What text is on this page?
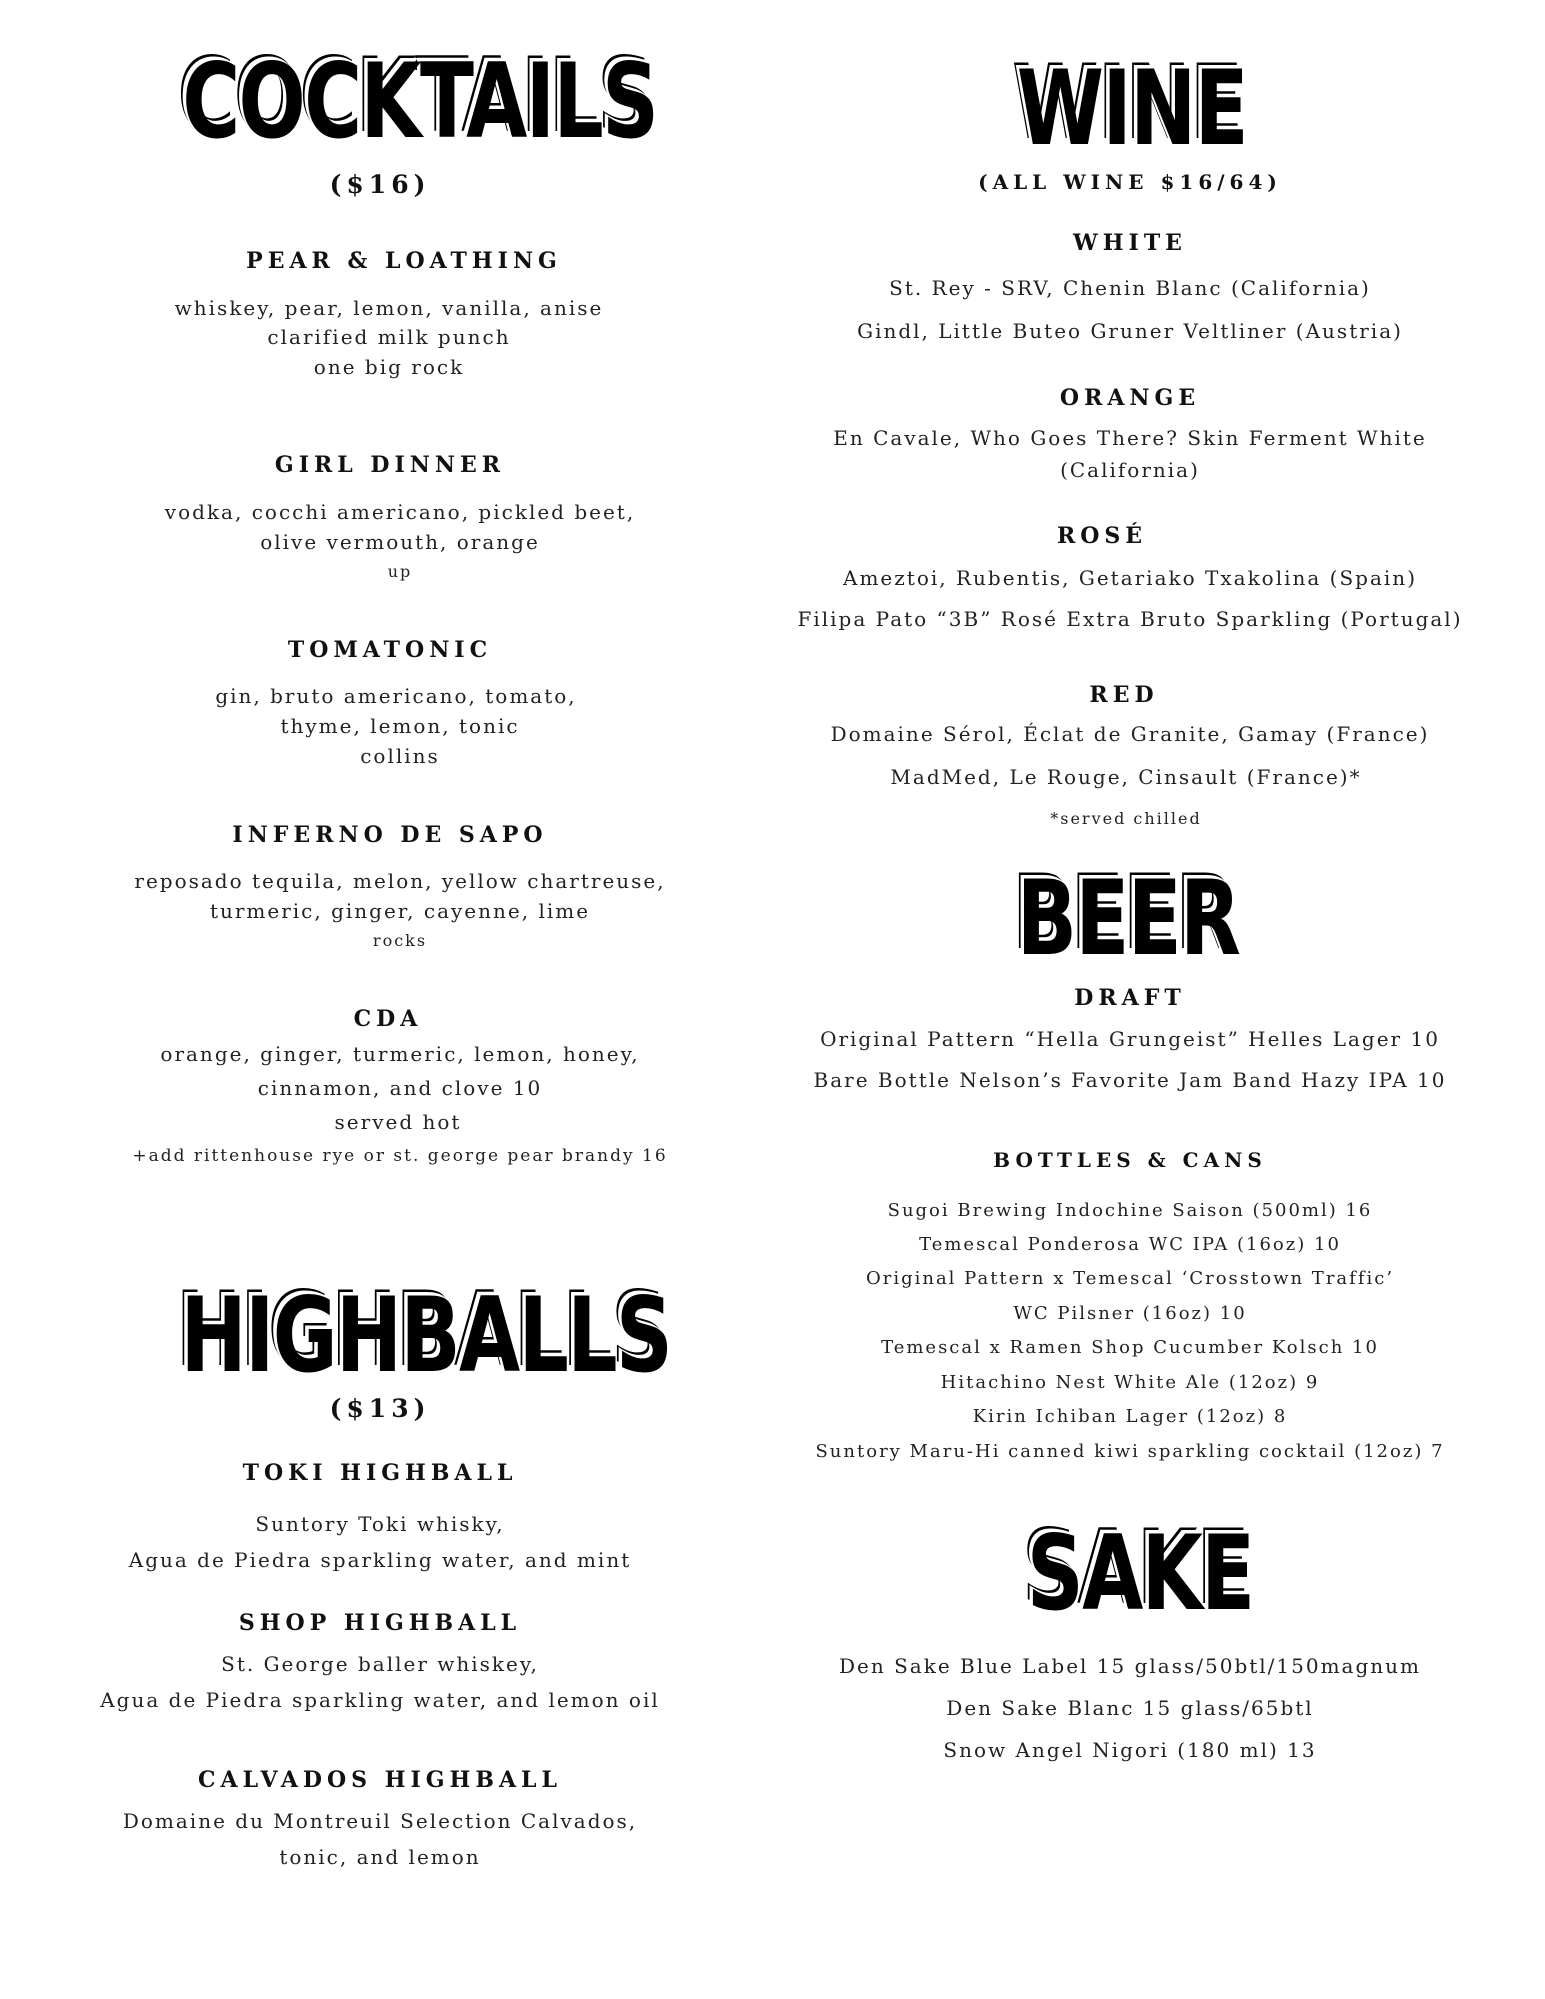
COCKTAILS
($16)
PEAR & LOATHING
whiskey, pear, lemon, vanilla, anise
clarified milk punch
one big rock
GIRL DINNER
vodka, cocchi americano, pickled beet,
olive vermouth, orange
up
TOMATONIC
gin, bruto americano, tomato,
thyme, lemon, tonic
collins
INFERNO DE SAPO
reposado tequila, melon, yellow chartreuse,
turmeric, ginger, cayenne, lime
rocks
CDA
orange, ginger, turmeric, lemon, honey,
cinnamon, and clove 10
served hot
+add rittenhouse rye or st. george pear brandy 16
HIGHBALLS
($13)
TOKI HIGHBALL
Suntory Toki whisky,
Agua de Piedra sparkling water, and mint
SHOP HIGHBALL
St. George baller whiskey,
Agua de Piedra sparkling water, and lemon oil
CALVADOS HIGHBALL
Domaine du Montreuil Selection Calvados,
tonic, and lemon
WINE
(ALL WINE $16/64)
WHITE
St. Rey - SRV, Chenin Blanc (California)
Gindl, Little Buteo Gruner Veltliner (Austria)
ORANGE
En Cavale, Who Goes There? Skin Ferment White
(California)
ROSÉ
Ameztoi, Rubentis, Getariako Txakolina (Spain)
Filipa Pato “3B” Rosé Extra Bruto Sparkling (Portugal)
RED
Domaine Sérol, Éclat de Granite, Gamay (France)
MadMed, Le Rouge, Cinsault (France)*
*served chilled
BEER
DRAFT
Original Pattern “Hella Grungeist” Helles Lager 10
Bare Bottle Nelson’s Favorite Jam Band Hazy IPA 10
BOTTLES & CANS
Sugoi Brewing Indochine Saison (500ml) 16
Temescal Ponderosa WC IPA (16oz) 10
Original Pattern x Temescal ‘Crosstown Traffic’
WC Pilsner (16oz) 10
Temescal x Ramen Shop Cucumber Kolsch 10
Hitachino Nest White Ale (12oz) 9
Kirin Ichiban Lager (12oz) 8
Suntory Maru-Hi canned kiwi sparkling cocktail (12oz) 7
SAKE
Den Sake Blue Label 15 glass/50btl/150magnum
Den Sake Blanc 15 glass/65btl
Snow Angel Nigori (180 ml) 13
